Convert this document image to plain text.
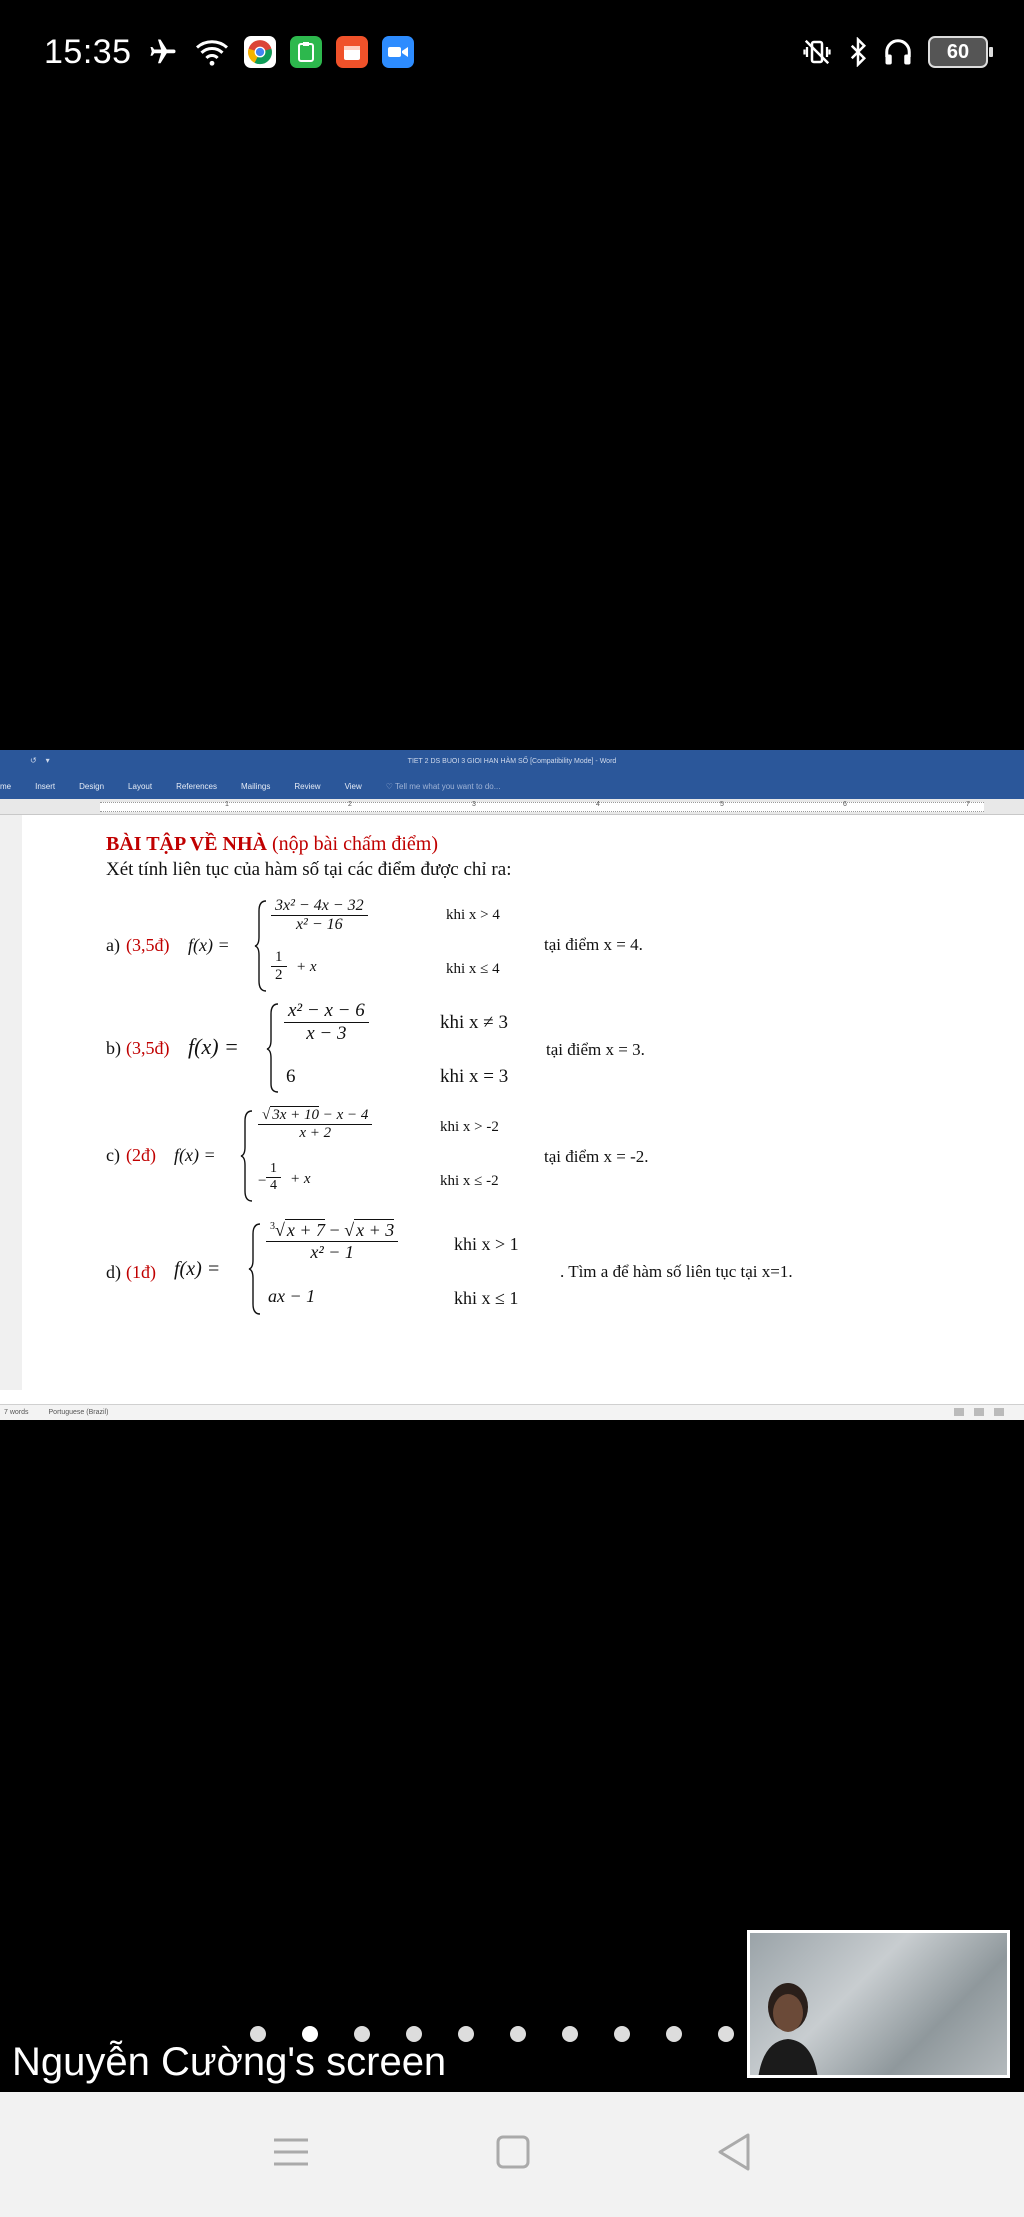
15:35	60
↺    ▾	TIET 2 DS BUOI 3 GIOI HAN HÀM SỐ [Compatibility Mode] - Word
me	Insert	Design	Layout	References	Mailings	Review	View	♡ Tell me what you want to do...
1	2	3	4	5	6	7
BÀI TẬP VỀ NHÀ (nộp bài chấm điểm)
Xét tính liên tục của hàm số tại các điểm được chỉ ra:
a) (3,5đ) f(x) =
$\frac{\text{3x² − 4x − 32}}{\text{x² − 16}}$	khi x > 4
$\frac{1}{2} + x$	khi x ≤ 4
tại điểm x = 4.
b) (3,5đ) f(x) =
$\frac{\text{x² − x − 6}}{x - 3}$	khi x ≠ 3
6	khi x = 3
tại điểm x = 3.
c) (2đ) f(x) =
$\frac{√ 3x + 10 - x - 4}{x + 2}$	khi x > -2
− $\frac{1}{4} + x$	khi x ≤ -2
tại điểm x = -2.
d) (1đ) f(x) =
$\frac{^3√ x + 7 - √ x + 3}{\text{x² − 1}}$	khi x > 1
ax − 1	khi x ≤ 1
. Tìm a để hàm số liên tục tại x=1.
7 words	Portuguese (Brazil)
Nguyễn Cường's screen
